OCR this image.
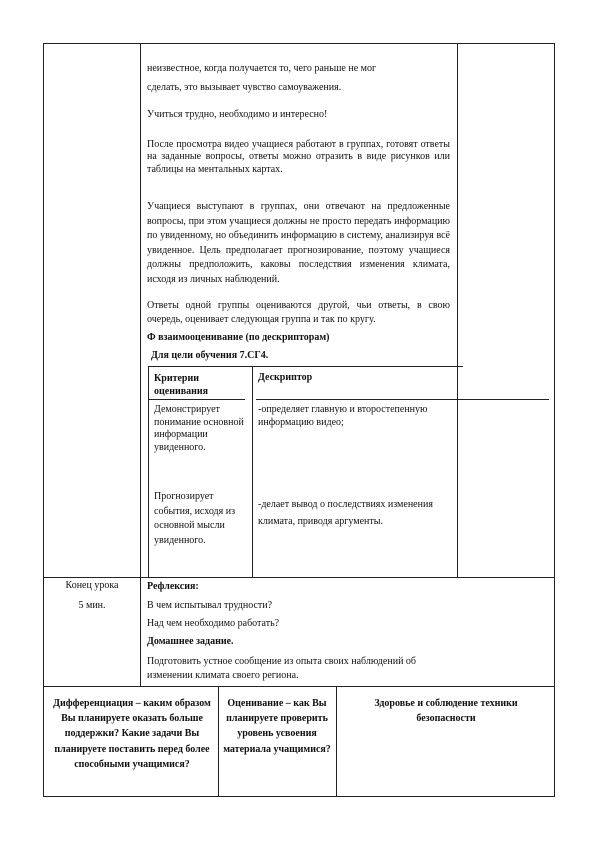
неизвестное, когда получается то, чего раньше не мог
сделать, это вызывает чувство самоуважения.
Учиться трудно, необходимо и интересно!
После просмотра видео учащиеся работают в группах, готовят ответы на заданные вопросы, ответы можно отразить в виде рисунков или таблицы на ментальных картах.
Учащиеся выступают в группах, они отвечают на предложенные вопросы, при этом учащиеся должны не просто передать информацию по увиденному, но объединить информацию в систему, анализируя всё увиденное. Цель предполагает прогнозирование, поэтому учащиеся должны предположить, каковы последствия изменения климата, исходя из личных наблюдений.
Ответы одной группы оцениваются другой, чьи ответы, в свою очередь, оценивает следующая группа и так по кругу.
Ф взаимооценивание (по дескрипторам)
Для цели обучения 7.СГ4.
Критерии оценивания
Дескриптор
Демонстрирует понимание основной информации увиденного.
Прогнозирует события, исходя из основной мысли увиденного.
-определяет главную и второстепенную информацию видео;
-делает вывод о последствиях изменения климата, приводя аргументы.
Конец урока
5 мин.
Рефлексия:
В чем испытывал трудности?
Над чем необходимо работать?
Домашнее задание.
Подготовить устное сообщение из опыта своих наблюдений об изменении климата своего региона.
Дифференциация – каким образом Вы планируете оказать больше поддержки? Какие задачи Вы планируете поставить перед более способными учащимися?
Оценивание – как Вы планируете проверить уровень усвоения материала учащимися?
Здоровье и соблюдение техники безопасности
